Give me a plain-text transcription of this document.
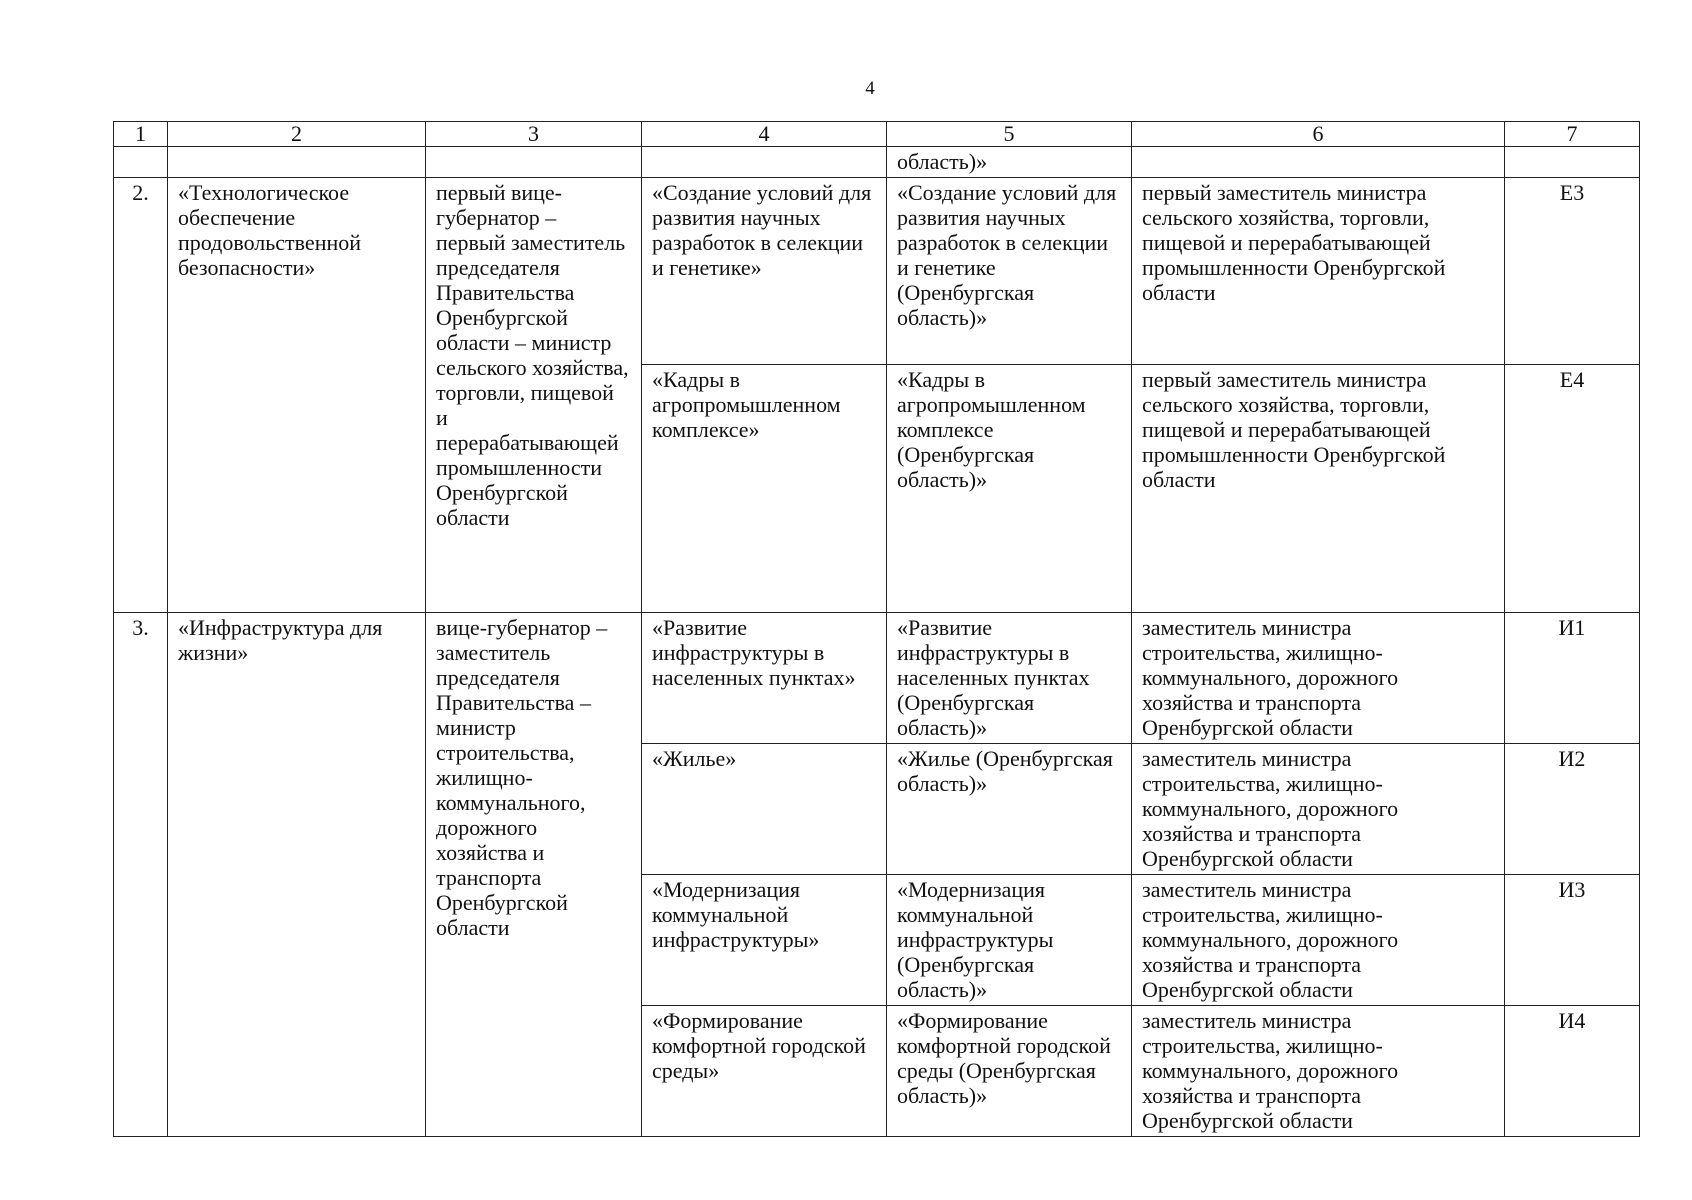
4
1	2	3	4	5	6	7
				область)»		
2.	«Технологическое обеспечение продовольственной безопасности»	первый вице-губернатор – первый заместитель председателя Правительства Оренбургской области – министр сельского хозяйства, торговли, пищевой и перерабатывающей промышленности Оренбургской области	«Создание условий для развития научных разработок в селекции и генетике»	«Создание условий для развития научных разработок в селекции и генетике (Оренбургская область)»	первый заместитель министра сельского хозяйства, торговли, пищевой и перерабатывающей промышленности Оренбургской области	Е3
			«Кадры в агропромышленном комплексе»	«Кадры в агропромышленном комплексе (Оренбургская область)»	первый заместитель министра сельского хозяйства, торговли, пищевой и перерабатывающей промышленности Оренбургской области	Е4
3.	«Инфраструктура для жизни»	вице-губернатор – заместитель председателя Правительства – министр строительства, жилищно-коммунального, дорожного хозяйства и транспорта Оренбургской области	«Развитие инфраструктуры в населенных пунктах»	«Развитие инфраструктуры в населенных пунктах (Оренбургская область)»	заместитель министра строительства, жилищно-коммунального, дорожного хозяйства и транспорта Оренбургской области	И1
			«Жилье»	«Жилье (Оренбургская область)»	заместитель министра строительства, жилищно-коммунального, дорожного хозяйства и транспорта Оренбургской области	И2
			«Модернизация коммунальной инфраструктуры»	«Модернизация коммунальной инфраструктуры (Оренбургская область)»	заместитель министра строительства, жилищно-коммунального, дорожного хозяйства и транспорта Оренбургской области	И3
			«Формирование комфортной городской среды»	«Формирование комфортной городской среды (Оренбургская область)»	заместитель министра строительства, жилищно-коммунального, дорожного хозяйства и транспорта Оренбургской области	И4
